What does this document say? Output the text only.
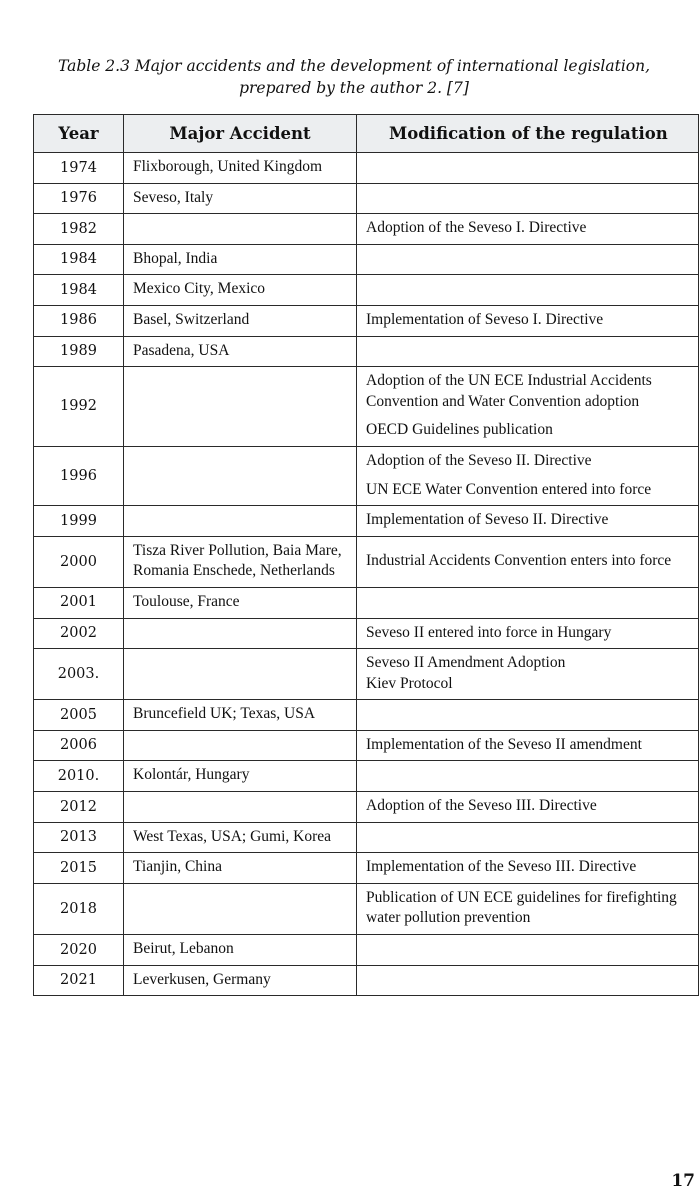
Table 2.3 Major accidents and the development of international legislation,
prepared by the author 2. [7]
Year	Major Accident	Modification of the regulation
1974	Flixborough, United Kingdom	
1976	Seveso, Italy	
1982		Adoption of the Seveso I. Directive

1984	Bhopal, India	
1984	Mexico City, Mexico	
1986	Basel, Switzerland	Implementation of Seveso I. Directive

1989	Pasadena, USA	
1992		Adoption of the UN ECE Industrial Accidents Convention and Water Convention adoption
OECD Guidelines publication

1996		Adoption of the Seveso II. Directive
UN ECE Water Convention entered into force

1999		Implementation of Seveso II. Directive

2000	Tisza River Pollution, Baia Mare, Romania Enschede, Netherlands	Industrial Accidents Convention enters into force

2001	Toulouse, France	
2002		Seveso II entered into force in Hungary

2003.		Seveso II Amendment Adoption
Kiev Protocol

2005	Bruncefield UK; Texas, USA	
2006		Implementation of the Seveso II amendment

2010.	Kolontár, Hungary	
2012		Adoption of the Seveso III. Directive

2013	West Texas, USA; Gumi, Korea	
2015	Tianjin, China	Implementation of the Seveso III. Directive

2018		Publication of UN ECE guidelines for firefighting water pollution prevention

2020	Beirut, Lebanon	
2021	Leverkusen, Germany	
17
